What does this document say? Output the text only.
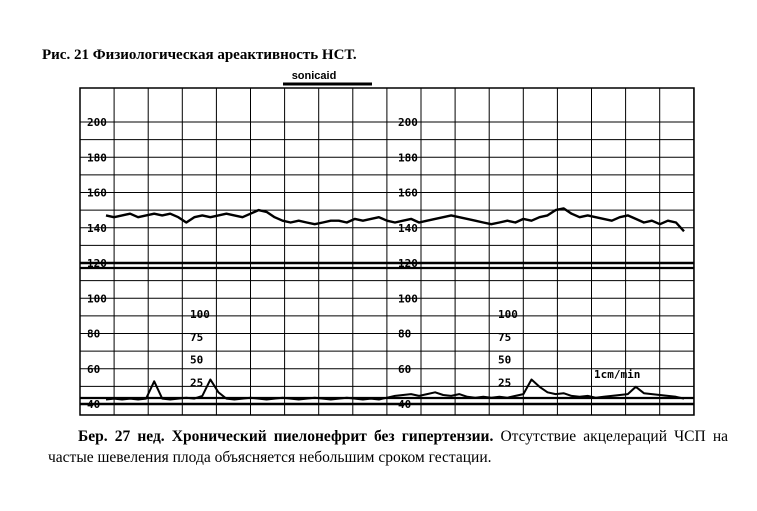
Рис. 21 Физиологическая ареактивность НСТ.
sonicaid
200
180
160
140
120
100
80
60
40
200
180
160
140
120
100
80
60
40
100
75
50
25
100
75
50
25
1cm/min
Бер. 27 нед. Хронический пиелонефрит без гипертензии. Отсутствие акцелераций ЧСП на частые шевеления плода объясняется небольшим сроком гестации.
